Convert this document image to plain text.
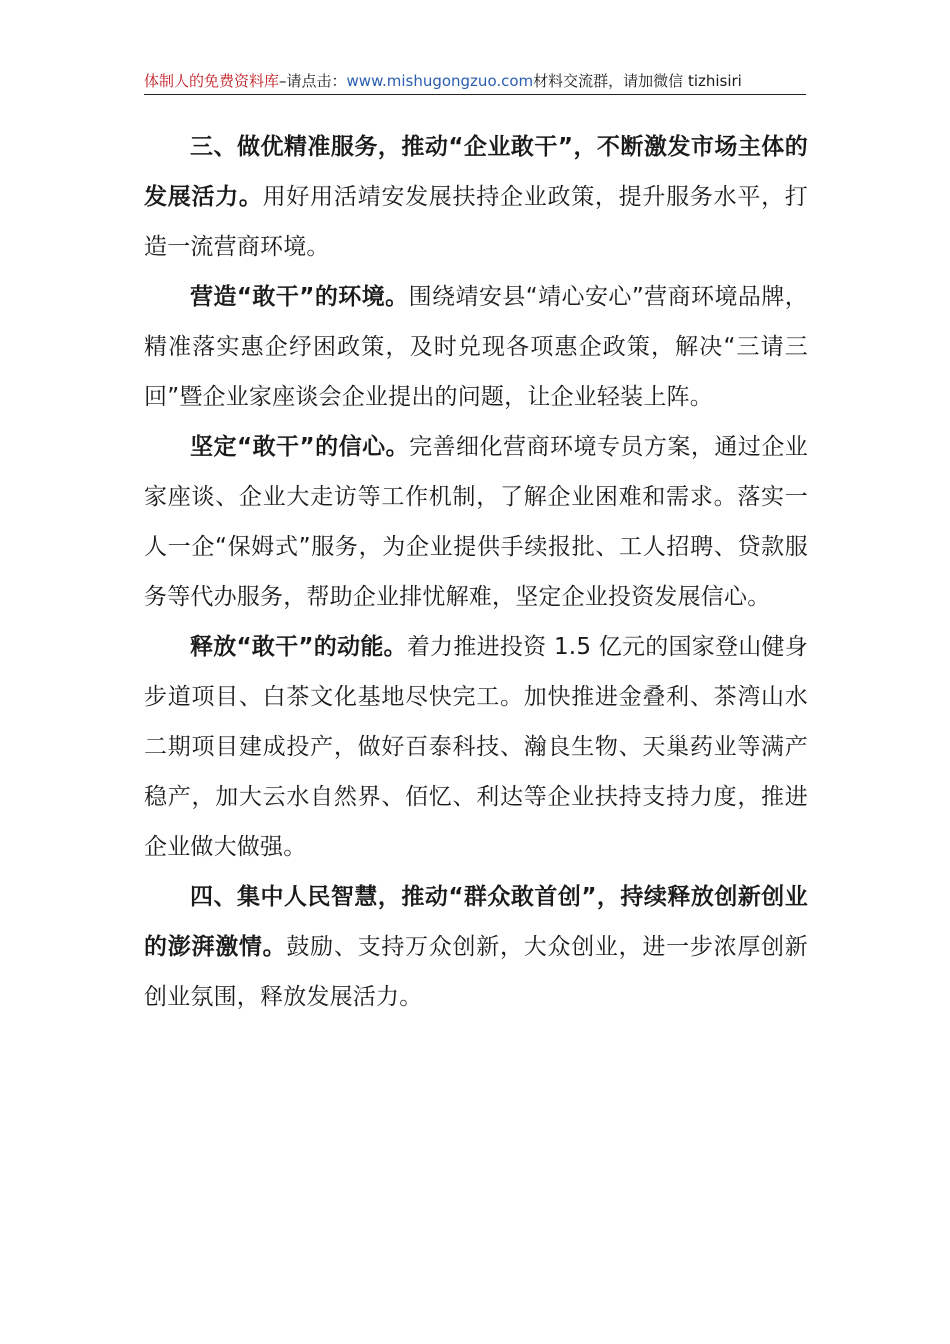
体制人的免费资料库–请点击：www.mishugongzuo.com材料交流群，请加微信 tizhisiri

三、做优精准服务，推动“企业敢干”，不断激发市场主体的发展活力。用好用活靖安发展扶持企业政策，提升服务水平，打造一流营商环境。

营造“敢干”的环境。围绕靖安县“靖心安心”营商环境品牌，精准落实惠企纾困政策，及时兑现各项惠企政策，解决“三请三回”暨企业家座谈会企业提出的问题，让企业轻装上阵。

坚定“敢干”的信心。完善细化营商环境专员方案，通过企业家座谈、企业大走访等工作机制，了解企业困难和需求。落实一人一企“保姆式”服务，为企业提供手续报批、工人招聘、贷款服务等代办服务，帮助企业排忧解难，坚定企业投资发展信心。

释放“敢干”的动能。着力推进投资 1.5 亿元的国家登山健身步道项目、白茶文化基地尽快完工。加快推进金叠利、茶湾山水二期项目建成投产，做好百泰科技、瀚良生物、天巢药业等满产稳产，加大云水自然界、佰忆、利达等企业扶持支持力度，推进企业做大做强。

四、集中人民智慧，推动“群众敢首创”，持续释放创新创业的澎湃激情。鼓励、支持万众创新，大众创业，进一步浓厚创新创业氛围，释放发展活力。
